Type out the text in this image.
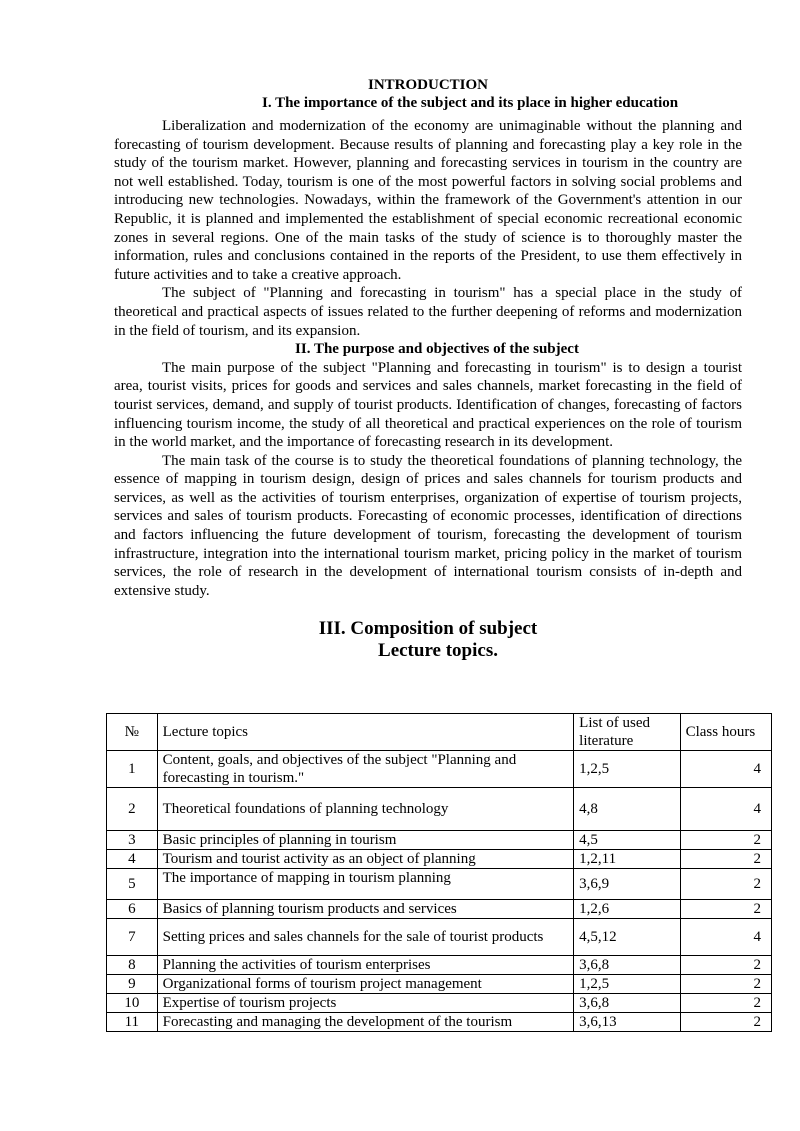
INTRODUCTION
I. The importance of the subject and its place in higher education

Liberalization and modernization of the economy are unimaginable without the planning and forecasting of tourism development. Because results of planning and forecasting play a key role in the study of the tourism market. However, planning and forecasting services in tourism in the country are not well established. Today, tourism is one of the most powerful factors in solving social problems and introducing new technologies. Nowadays, within the framework of the Government's attention in our Republic, it is planned and implemented the establishment of special economic recreational economic zones in several regions. One of the main tasks of the study of science is to thoroughly master the information, rules and conclusions contained in the reports of the President, to use them effectively in future activities and to take a creative approach.

The subject of "Planning and forecasting in tourism" has a special place in the study of theoretical and practical aspects of issues related to the further deepening of reforms and modernization in the field of tourism, and its expansion.

II. The purpose and objectives of the subject

The main purpose of the subject "Planning and forecasting in tourism" is to design a tourist area, tourist visits, prices for goods and services and sales channels, market forecasting in the field of tourist services, demand, and supply of tourist products. Identification of changes, forecasting of factors influencing tourism income, the study of all theoretical and practical experiences on the role of tourism in the world market, and the importance of forecasting research in its development.

The main task of the course is to study the theoretical foundations of planning technology, the essence of mapping in tourism design, design of prices and sales channels for tourism products and services, as well as the activities of tourism enterprises, organization of expertise of tourism projects, services and sales of tourism products. Forecasting of economic processes, identification of directions and factors influencing the future development of tourism, forecasting the development of tourism infrastructure, integration into the international tourism market, pricing policy in the market of tourism services, the role of research in the development of international tourism consists of in-depth and extensive study.

III. Composition of subject
Lecture topics.
№	Lecture topics	List of used literature	Class hours
1	Content, goals, and objectives of the subject "Planning and forecasting in tourism."	1,2,5	4
2	Theoretical foundations of planning technology	4,8	4
3	Basic principles of planning in tourism	4,5	2
4	Tourism and tourist activity as an object of planning	1,2,11	2
5	The importance of mapping in tourism planning	3,6,9	2
6	Basics of planning tourism products and services	1,2,6	2
7	Setting prices and sales channels for the sale of tourist products	4,5,12	4
8	Planning the activities of tourism enterprises	3,6,8	2
9	Organizational forms of tourism project management	1,2,5	2
10	Expertise of tourism projects	3,6,8	2
11	Forecasting and managing the development of the tourism	3,6,13	2
